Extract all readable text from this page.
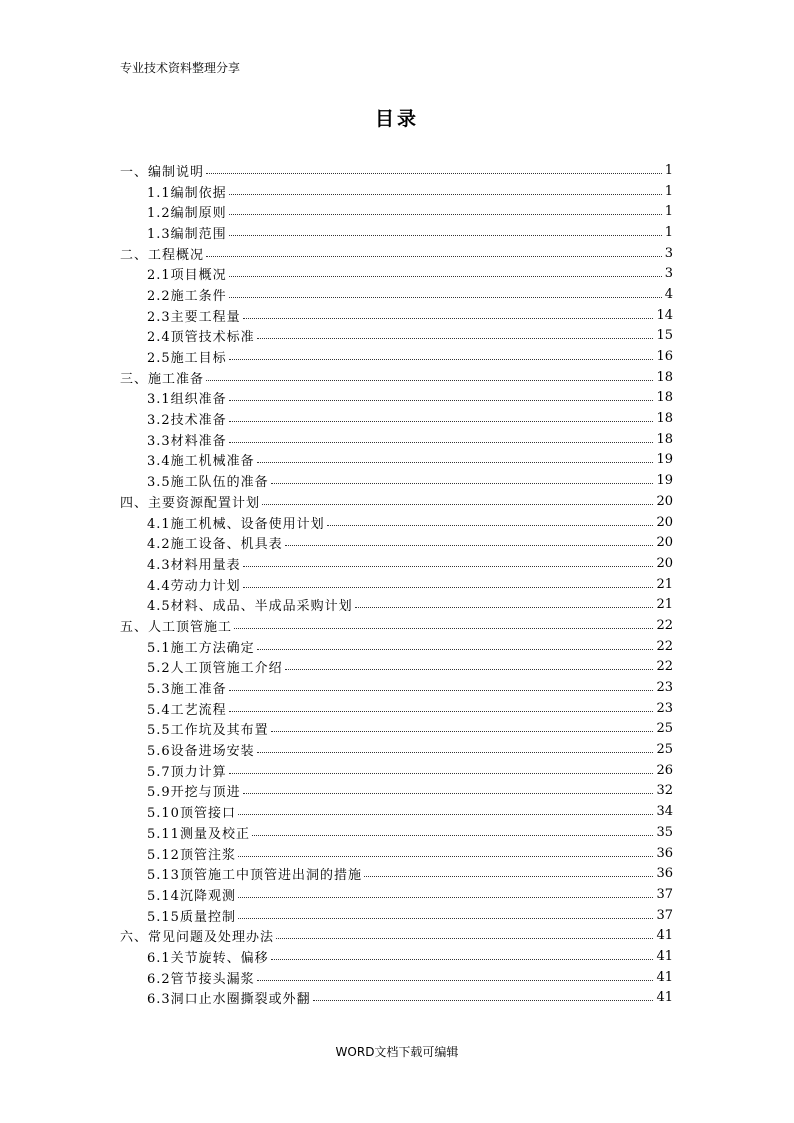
专业技术资料整理分享
目录
一、编制说明	1
1.1编制依据	1
1.2编制原则	1
1.3编制范围	1
二、工程概况	3
2.1项目概况	3
2.2施工条件	4
2.3主要工程量	14
2.4顶管技术标准	15
2.5施工目标	16
三、施工准备	18
3.1组织准备	18
3.2技术准备	18
3.3材料准备	18
3.4施工机械准备	19
3.5施工队伍的准备	19
四、主要资源配置计划	20
4.1施工机械、设备使用计划	20
4.2施工设备、机具表	20
4.3材料用量表	20
4.4劳动力计划	21
4.5材料、成品、半成品采购计划	21
五、人工顶管施工	22
5.1施工方法确定	22
5.2人工顶管施工介绍	22
5.3施工准备	23
5.4工艺流程	23
5.5工作坑及其布置	25
5.6设备进场安装	25
5.7顶力计算	26
5.9开挖与顶进	32
5.10顶管接口	34
5.11测量及校正	35
5.12顶管注浆	36
5.13顶管施工中顶管进出洞的措施	36
5.14沉降观测	37
5.15质量控制	37
六、常见问题及处理办法	41
6.1关节旋转、偏移	41
6.2管节接头漏浆	41
6.3洞口止水圈撕裂或外翻	41
WORD文档下载可编辑
